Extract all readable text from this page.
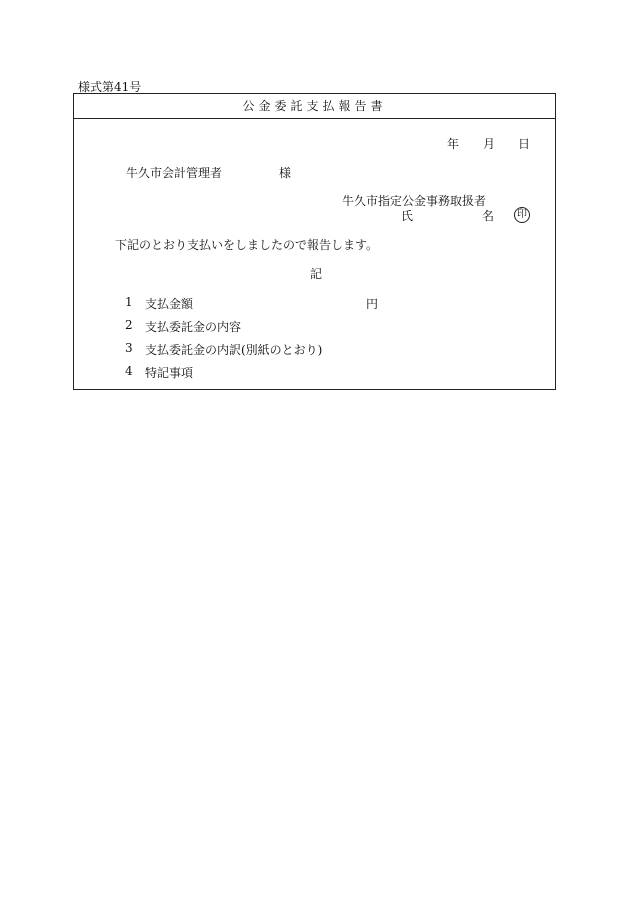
様式第41号
公金委託支払報告書
年 月 日
牛久市会計管理者	様
牛久市指定公金事務取扱者
氏	名	印
下記のとおり支払いをしましたので報告します。
記
1 支払金額	円
2 支払委託金の内容
3 支払委託金の内訳(別紙のとおり)
4 特記事項
